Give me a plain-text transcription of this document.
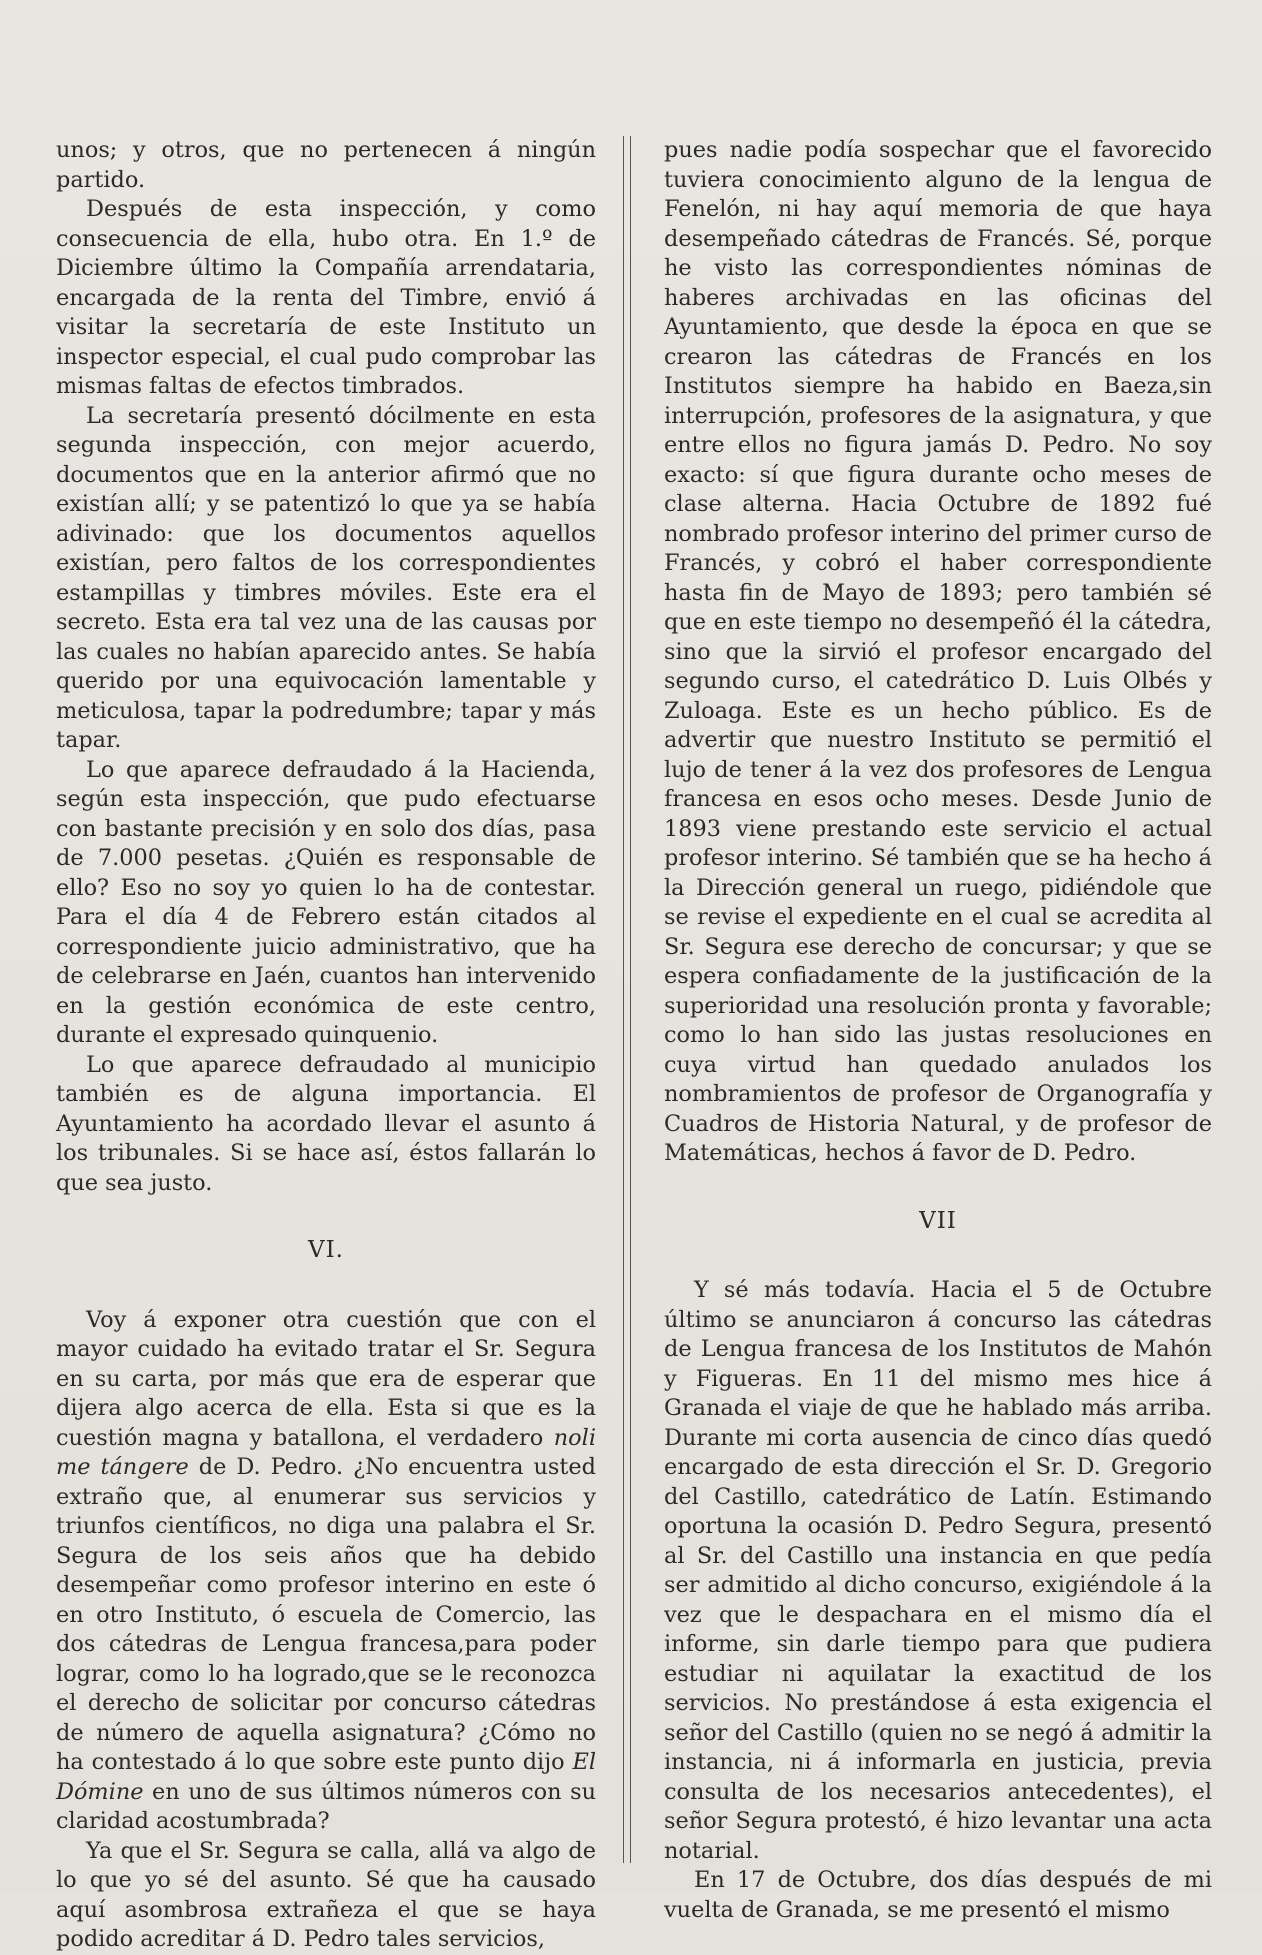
unos; y otros, que no pertenecen á ningún partido.

Después de esta inspección, y como consecuencia de ella, hubo otra. En 1.º de Diciembre último la Compañía arrendataria, encargada de la renta del Timbre, envió á visitar la secretaría de este Instituto un inspector especial, el cual pudo comprobar las mismas faltas de efectos timbrados.

La secretaría presentó dócilmente en esta segunda inspección, con mejor acuerdo, documentos que en la anterior afirmó que no existían allí; y se patentizó lo que ya se había adivinado: que los documentos aquellos existían, pero faltos de los correspondientes estampillas y timbres móviles. Este era el secreto. Esta era tal vez una de las causas por las cuales no habían aparecido antes. Se había querido por una equivocación lamentable y meticulosa, tapar la podredumbre; tapar y más tapar.

Lo que aparece defraudado á la Hacienda, según esta inspección, que pudo efectuarse con bastante precisión y en solo dos días, pasa de 7.000 pesetas. ¿Quién es responsable de ello? Eso no soy yo quien lo ha de contestar. Para el día 4 de Febrero están citados al correspondiente juicio administrativo, que ha de celebrarse en Jaén, cuantos han intervenido en la gestión económica de este centro, durante el expresado quinquenio.

Lo que aparece defraudado al municipio también es de alguna importancia. El Ayuntamiento ha acordado llevar el asunto á los tribunales. Si se hace así, éstos fallarán lo que sea justo.

VI.

Voy á exponer otra cuestión que con el mayor cuidado ha evitado tratar el Sr. Segura en su carta, por más que era de esperar que dijera algo acerca de ella. Esta si que es la cuestión magna y batallona, el verdadero noli me tángere de D. Pedro. ¿No encuentra usted extraño que, al enumerar sus servicios y triunfos científicos, no diga una palabra el Sr. Segura de los seis años que ha debido desempeñar como profesor interino en este ó en otro Instituto, ó escuela de Comercio, las dos cátedras de Lengua francesa,para poder lograr, como lo ha logrado,que se le reconozca el derecho de solicitar por concurso cátedras de número de aquella asignatura? ¿Cómo no ha contestado á lo que sobre este punto dijo El Dómine en uno de sus últimos números con su claridad acostumbrada?

Ya que el Sr. Segura se calla, allá va algo de lo que yo sé del asunto. Sé que ha causado aquí asombrosa extrañeza el que se haya podido acreditar á D. Pedro tales servicios,

pues nadie podía sospechar que el favorecido tuviera conocimiento alguno de la lengua de Fenelón, ni hay aquí memoria de que haya desempeñado cátedras de Francés. Sé, porque he visto las correspondientes nóminas de haberes archivadas en las oficinas del Ayuntamiento, que desde la época en que se crearon las cátedras de Francés en los Institutos siempre ha habido en Baeza,sin interrupción, profesores de la asignatura, y que entre ellos no figura jamás D. Pedro. No soy exacto: sí que figura durante ocho meses de clase alterna. Hacia Octubre de 1892 fué nombrado profesor interino del primer curso de Francés, y cobró el haber correspondiente hasta fin de Mayo de 1893; pero también sé que en este tiempo no desempeñó él la cátedra, sino que la sirvió el profesor encargado del segundo curso, el catedrático D. Luis Olbés y Zuloaga. Este es un hecho público. Es de advertir que nuestro Instituto se permitió el lujo de tener á la vez dos profesores de Lengua francesa en esos ocho meses. Desde Junio de 1893 viene prestando este servicio el actual profesor interino. Sé también que se ha hecho á la Dirección general un ruego, pidiéndole que se revise el expediente en el cual se acredita al Sr. Segura ese derecho de concursar; y que se espera confiadamente de la justificación de la superioridad una resolución pronta y favorable; como lo han sido las justas resoluciones en cuya virtud han quedado anulados los nombramientos de profesor de Organografía y Cuadros de Historia Natural, y de profesor de Matemáticas, hechos á favor de D. Pedro.

VII

Y sé más todavía. Hacia el 5 de Octubre último se anunciaron á concurso las cátedras de Lengua francesa de los Institutos de Mahón y Figueras. En 11 del mismo mes hice á Granada el viaje de que he hablado más arriba. Durante mi corta ausencia de cinco días quedó encargado de esta dirección el Sr. D. Gregorio del Castillo, catedrático de Latín. Estimando oportuna la ocasión D. Pedro Segura, presentó al Sr. del Castillo una instancia en que pedía ser admitido al dicho concurso, exigiéndole á la vez que le despachara en el mismo día el informe, sin darle tiempo para que pudiera estudiar ni aquilatar la exactitud de los servicios. No prestándose á esta exigencia el señor del Castillo (quien no se negó á admitir la instancia, ni á informarla en justicia, previa consulta de los necesarios antecedentes), el señor Segura protestó, é hizo levantar una acta notarial.

En 17 de Octubre, dos días después de mi vuelta de Granada, se me presentó el mismo
